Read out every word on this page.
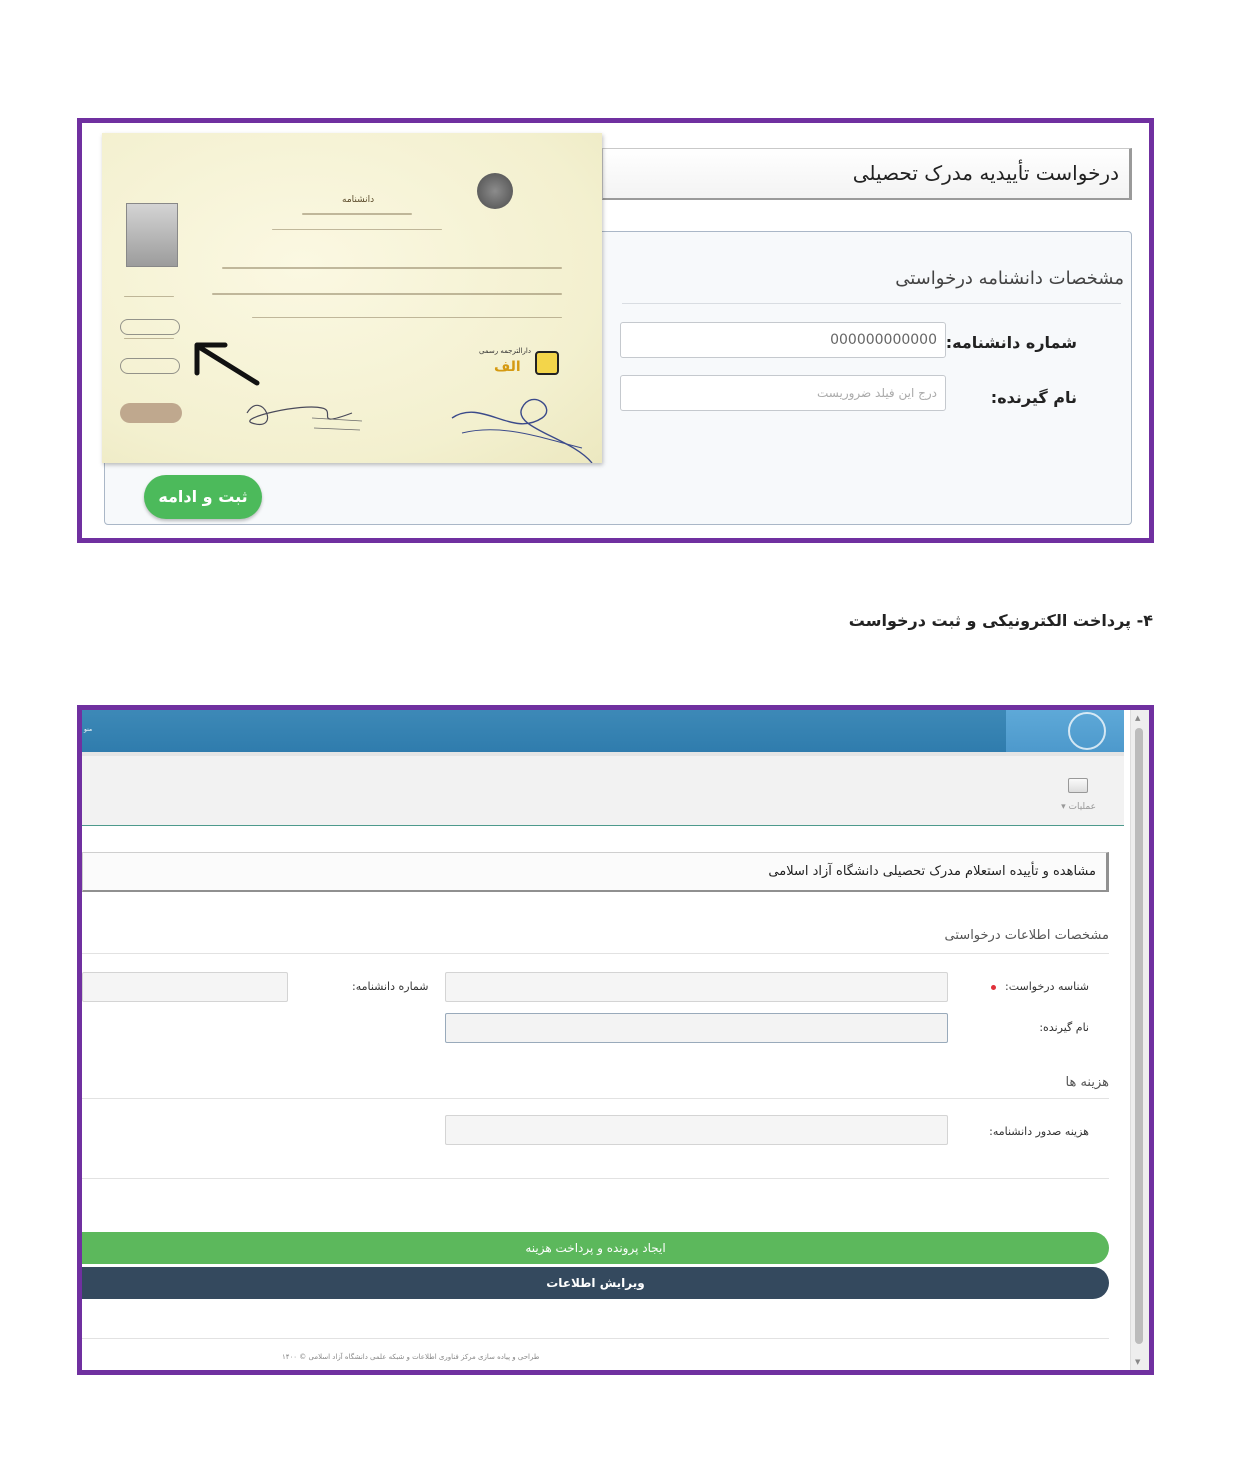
درخواست تأییدیه مدرک تحصیلی
مشخصات دانشنامه درخواستی
شماره دانشنامه:
000000000000
نام گیرنده:
درج این فیلد ضروریست
دانشنامه
دارالترجمه رسمی
الف
ثبت و ادامه
۴- پرداخت الکترونیکی و ثبت درخواست
منو
عملیات ▾
▲
▼
مشاهده و تأییده استعلام مدرک تحصیلی دانشگاه آزاد اسلامی
مشخصات اطلاعات درخواستی
شناسه درخواست:
شماره دانشنامه:
نام گیرنده:
هزینه ها
هزینه صدور دانشنامه:
ایجاد پرونده و پرداخت هزینه
ویرایش اطلاعات
طراحی و پیاده سازی مرکز فناوری اطلاعات و شبکه علمی دانشگاه آزاد اسلامی © ۱۴۰۰
